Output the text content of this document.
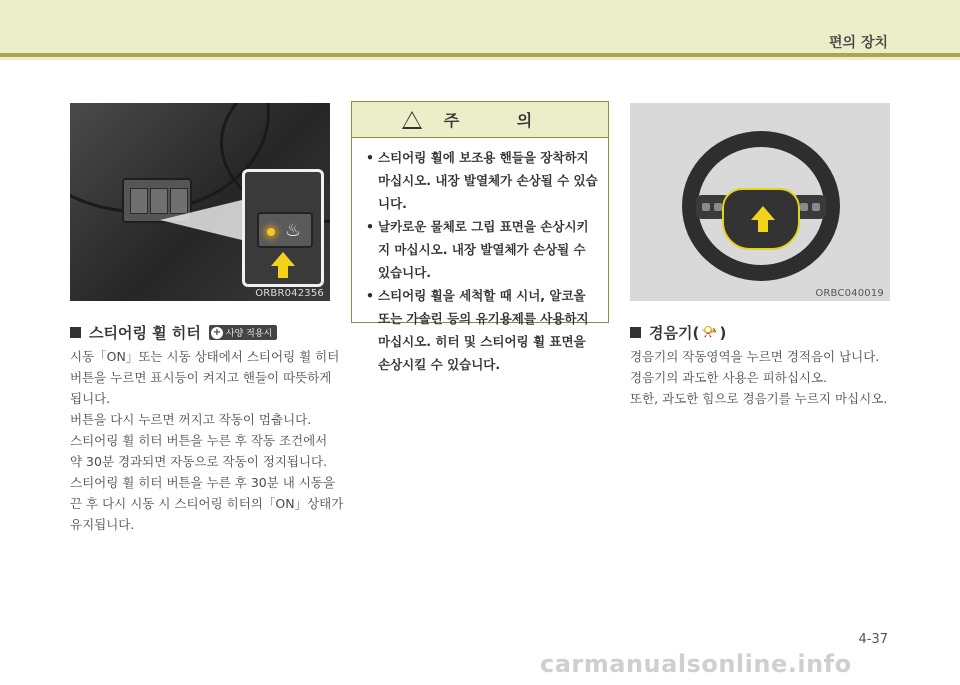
편의 장치
♨
ORBR042356
스티어링 휠 히터 + 사양 적용시

시동「ON」또는 시동 상태에서 스티어링 휠 히터

버튼을 누르면 표시등이 켜지고 핸들이 따뜻하게

됩니다.

버튼을 다시 누르면 꺼지고 작동이 멈춥니다.

스티어링 휠 히터 버튼을 누른 후 작동 조건에서

약 30분 경과되면 자동으로 작동이 정지됩니다.

스티어링 휠 히터 버튼을 누른 후 30분 내 시동을

끈 후 다시 시동 시 스티어링 히터의「ON」상태가

유지됩니다.

! 주 의
• 스티어링 휠에 보조용 핸들을 장착하지 마십시오. 내장 발열체가 손상될 수 있습니다.
• 날카로운 물체로 그립 표면을 손상시키지 마십시오. 내장 발열체가 손상될 수 있습니다.
• 스티어링 휠을 세척할 때 시너, 알코올 또는 가솔린 등의 유기용제를 사용하지 마십시오. 히터 및 스티어링 휠 표면을 손상시킬 수 있습니다.
ORBC040019
경음기( 📯 )

경음기의 작동영역을 누르면 경적음이 납니다.

경음기의 과도한 사용은 피하십시오.

또한, 과도한 힘으로 경음기를 누르지 마십시오.

4-37
carmanualsonline.info
